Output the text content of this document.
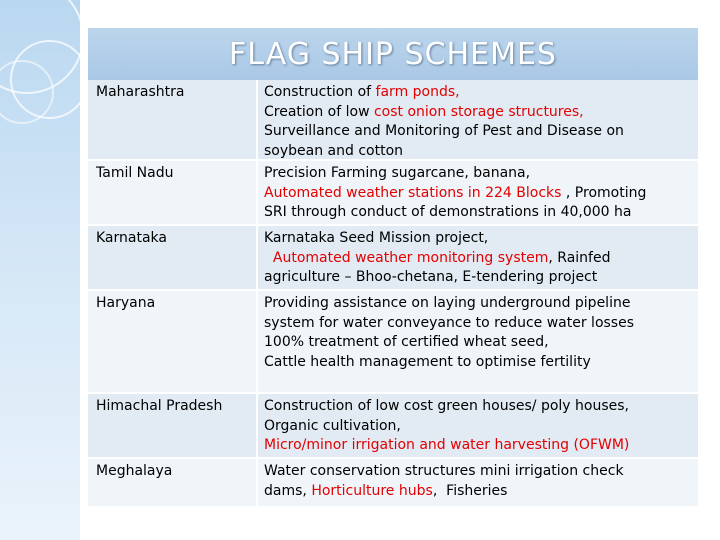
FLAG SHIP SCHEMES
Maharashtra	Construction of farm ponds,
Creation of low cost onion storage structures,
Surveillance and Monitoring of Pest and Disease on
soybean and cotton
Tamil Nadu	Precision Farming sugarcane, banana,
Automated weather stations in 224 Blocks , Promoting
SRI through conduct of demonstrations in 40,000 ha
Karnataka	Karnataka Seed Mission project,
Automated weather monitoring system, Rainfed
agriculture – Bhoo-chetana, E-tendering project
Haryana	Providing assistance on laying underground pipeline
system for water conveyance to reduce water losses
100% treatment of certified wheat seed,
Cattle health management to optimise fertility
Himachal Pradesh	Construction of low cost green houses/ poly houses,
Organic cultivation,
Micro/minor irrigation and water harvesting (OFWM)
Meghalaya	Water conservation structures mini irrigation check
dams, Horticulture hubs,  Fisheries
